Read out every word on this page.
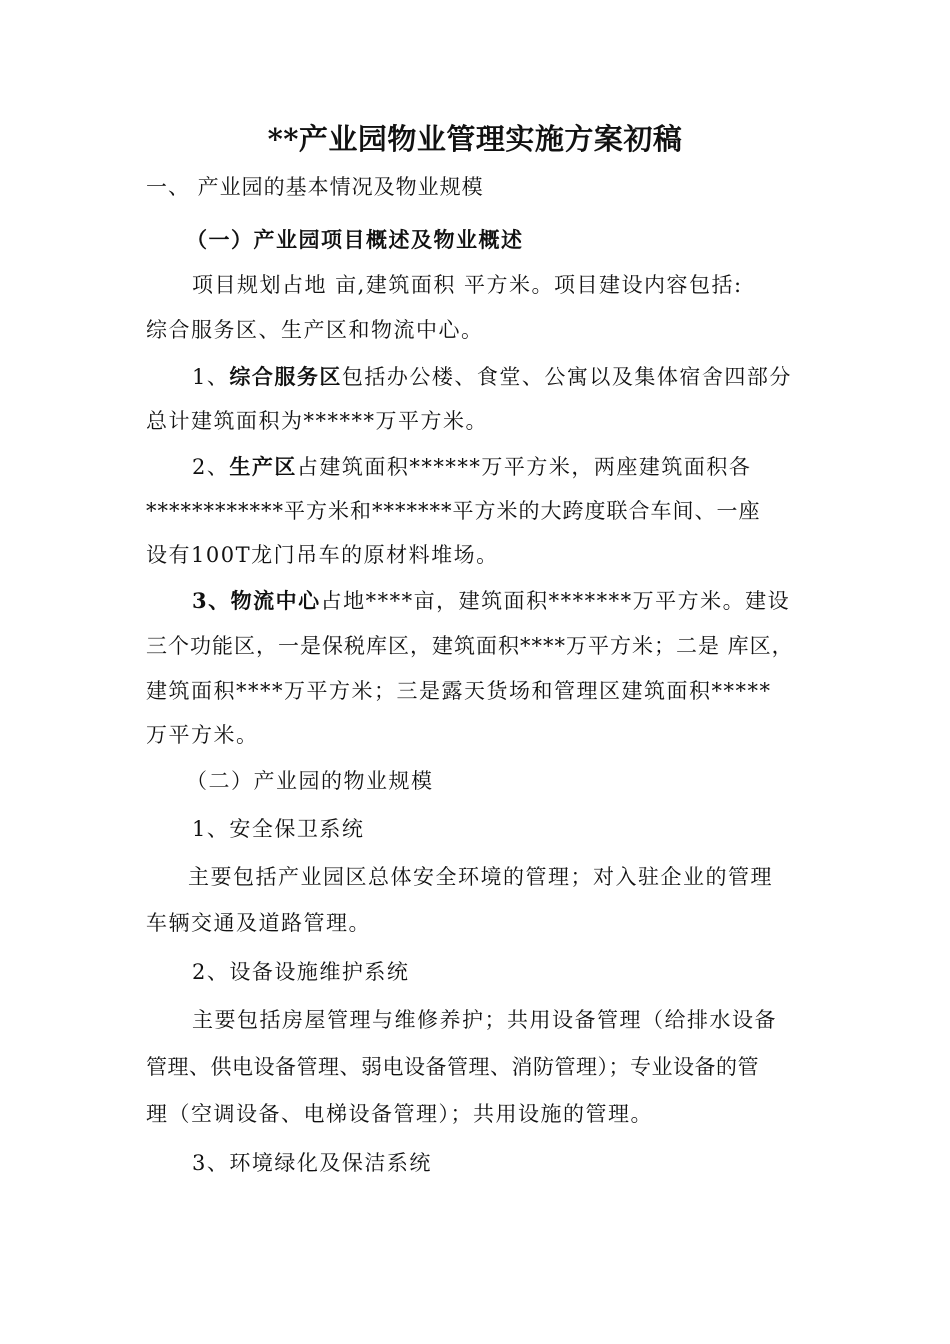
**产业园物业管理实施方案初稿
一、 产业园的基本情况及物业规模
（一）产业园项目概述及物业概述
项目规划占地 亩,建筑面积 平方米。项目建设内容包括:
综合服务区、生产区和物流中心。
1、综合服务区包括办公楼、食堂、公寓以及集体宿舍四部分
总计建筑面积为******万平方米。
2、生产区占建筑面积******万平方米，两座建筑面积各
************平方米和*******平方米的大跨度联合车间、一座
设有100T龙门吊车的原材料堆场。
3、物流中心占地****亩，建筑面积*******万平方米。建设
三个功能区，一是保税库区，建筑面积****万平方米；二是 库区，
建筑面积****万平方米；三是露天货场和管理区建筑面积*****
万平方米。
（二）产业园的物业规模
1、安全保卫系统
主要包括产业园区总体安全环境的管理；对入驻企业的管理
车辆交通及道路管理。
2、设备设施维护系统
主要包括房屋管理与维修养护；共用设备管理（给排水设备
管理、供电设备管理、弱电设备管理、消防管理）；专业设备的管
理（空调设备、电梯设备管理）；共用设施的管理。
3、环境绿化及保洁系统
